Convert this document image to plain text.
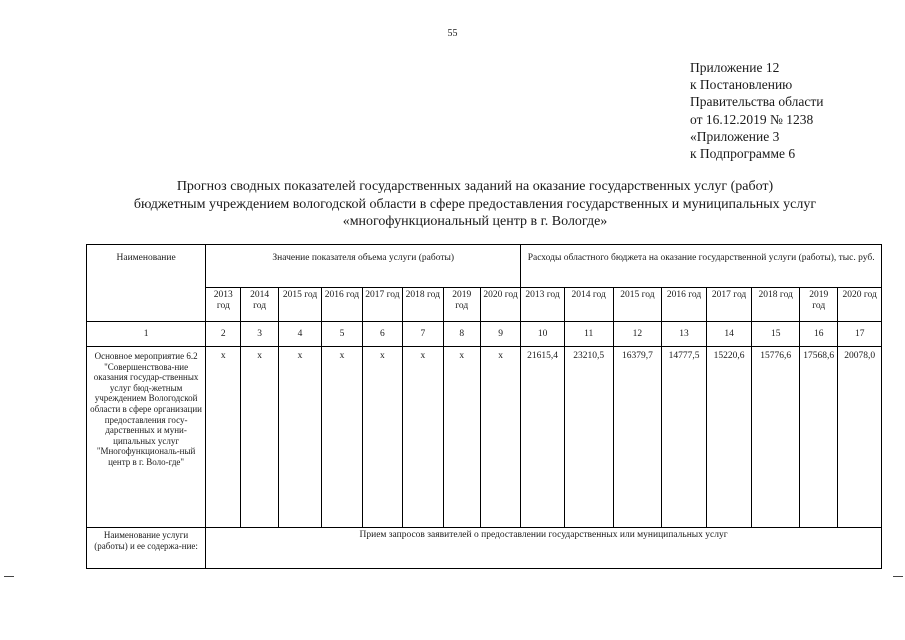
55
Приложение 12
к Постановлению
Правительства области
от 16.12.2019 № 1238
«Приложение 3
к Подпрограмме 6
Прогноз сводных показателей государственных заданий на оказание государственных услуг (работ)
бюджетным учреждением вологодской области в сфере предоставления государственных и муниципальных услуг
«многофункциональный центр в г. Вологде»
Наименование	Значение показателя объема услуги (работы)								Расходы областного бюджета на оказание государственной услуги (работы), тыс. руб.							
	2013 год	2014 год	2015 год	2016 год	2017 год	2018 год	2019 год	2020 год	2013 год	2014 год	2015 год	2016 год	2017 год	2018 год	2019 год	2020 год
1	2	3	4	5	6	7	8	9	10	11	12	13	14	15	16	17
Основное мероприятие 6.2 "Совершенствова-ние оказания государ-ственных услуг бюд-жетным учреждением Вологодской области в сфере организации предоставления госу-дарственных и муни-ципальных услуг "Многофункциональ-ный центр в г. Воло-где"	x	x	x	x	x	x	x	x	21615,4	23210,5	16379,7	14777,5	15220,6	15776,6	17568,6	20078,0
Наименование услуги (работы) и ее содержа-ние:	Прием запросов заявителей о предоставлении государственных или муниципальных услуг															
